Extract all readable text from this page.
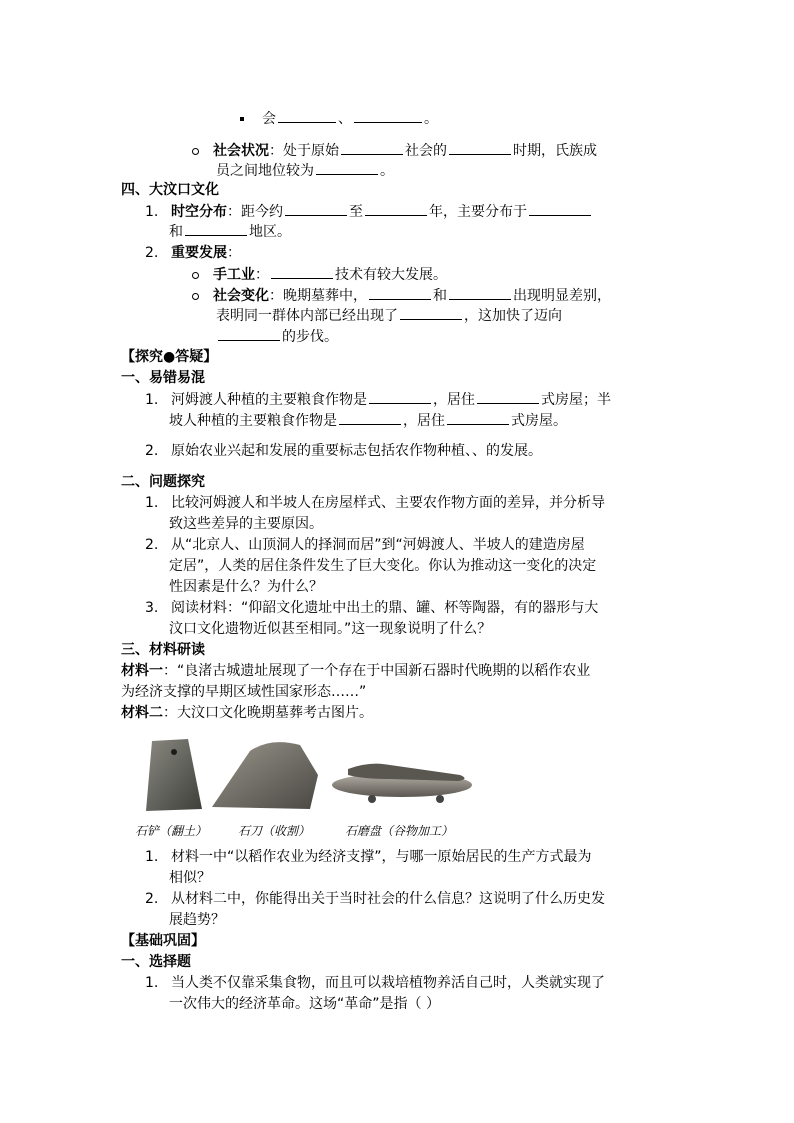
会	、	。
社会状况：处于原始	社会的	时期，氏族成
员之间地位较为	。
四、大汶口文化
1. 时空分布：距今约	至	年，主要分布于
和	地区。
2. 重要发展：
手工业：	技术有较大发展。
社会变化：晚期墓葬中，	和	出现明显差别，
表明同一群体内部已经出现了	，这加快了迈向
的步伐。
【探究●答疑】
一、易错易混
1. 河姆渡人种植的主要粮食作物是	，居住	式房屋；半
坡人种植的主要粮食作物是	，居住	式房屋。
2. 原始农业兴起和发展的重要标志包括农作物种植、、的发展。
二、问题探究
1. 比较河姆渡人和半坡人在房屋样式、主要农作物方面的差异，并分析导
致这些差异的主要原因。
2. 从“北京人、山顶洞人的择洞而居”到“河姆渡人、半坡人的建造房屋
定居”，人类的居住条件发生了巨大变化。你认为推动这一变化的决定
性因素是什么？为什么？
3. 阅读材料：“仰韶文化遗址中出土的鼎、罐、杯等陶器，有的器形与大
汶口文化遗物近似甚至相同。”这一现象说明了什么？
三、材料研读
材料一：“良渚古城遗址展现了一个存在于中国新石器时代晚期的以稻作农业
为经济支撑的早期区域性国家形态……”
材料二：大汶口文化晚期墓葬考古图片。
石铲（翻土）	石刀（收割）	石磨盘（谷物加工）
1. 材料一中“以稻作农业为经济支撑”，与哪一原始居民的生产方式最为
相似？
2. 从材料二中，你能得出关于当时社会的什么信息？这说明了什么历史发
展趋势？
【基础巩固】
一、选择题
1. 当人类不仅靠采集食物，而且可以栽培植物养活自己时，人类就实现了
一次伟大的经济革命。这场“革命”是指（ ）
